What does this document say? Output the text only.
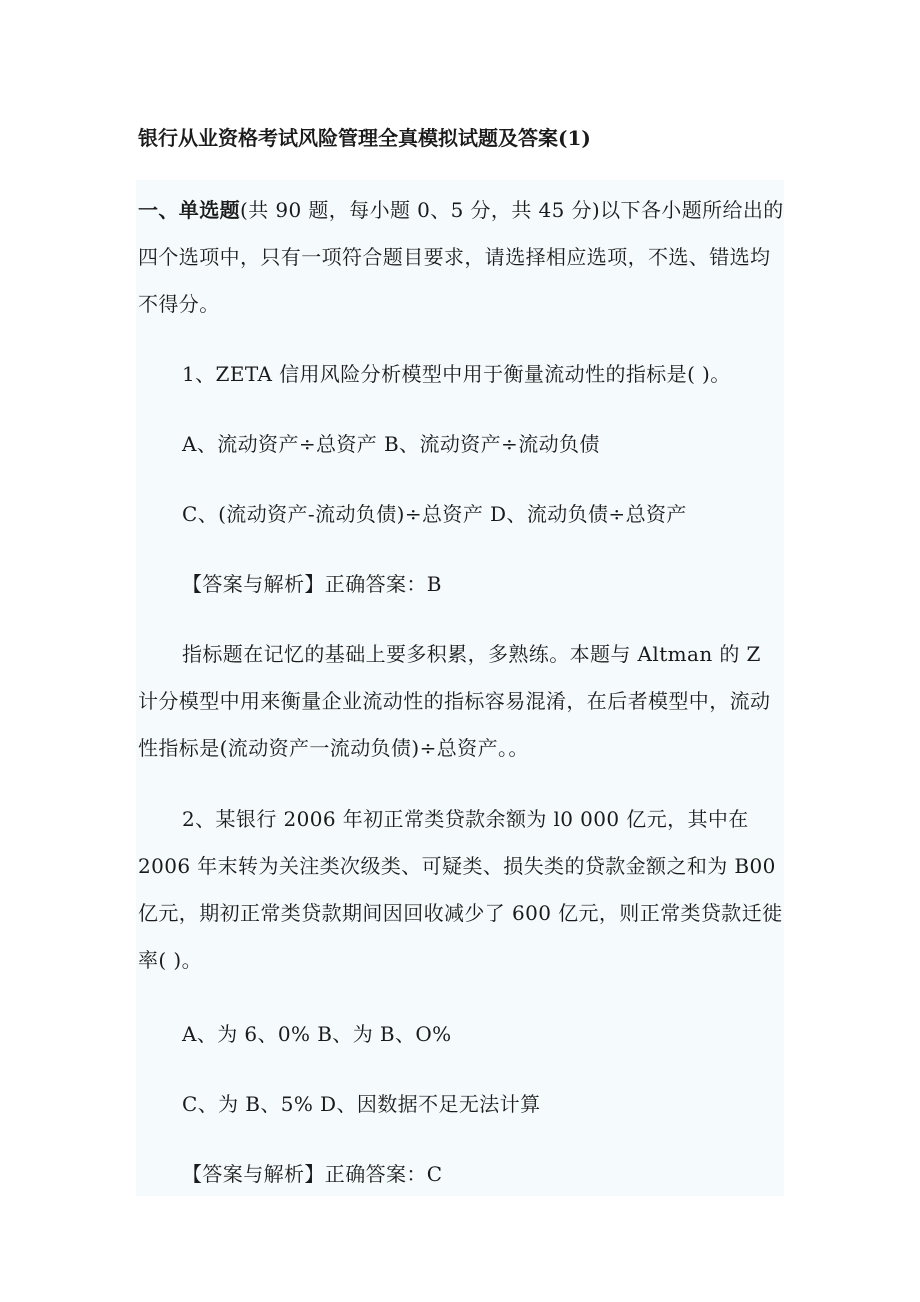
银行从业资格考试风险管理全真模拟试题及答案(1)

一、单选题(共 90 题，每小题 0、5 分，共 45 分)以下各小题所给出的四个选项中，只有一项符合题目要求，请选择相应选项，不选、错选均不得分。

1、ZETA 信用风险分析模型中用于衡量流动性的指标是( )。

A、流动资产÷总资产 B、流动资产÷流动负债

C、(流动资产-流动负债)÷总资产 D、流动负债÷总资产

【答案与解析】正确答案：B

指标题在记忆的基础上要多积累，多熟练。本题与 Altman 的 Z 计分模型中用来衡量企业流动性的指标容易混淆，在后者模型中，流动性指标是(流动资产一流动负债)÷总资产。。

2、某银行 2006 年初正常类贷款余额为 l0 000 亿元，其中在 2006 年末转为关注类次级类、可疑类、损失类的贷款金额之和为 B00 亿元，期初正常类贷款期间因回收减少了 600 亿元，则正常类贷款迁徙率( )。

A、为 6、0% B、为 B、O%

C、为 B、5% D、因数据不足无法计算

【答案与解析】正确答案：C
